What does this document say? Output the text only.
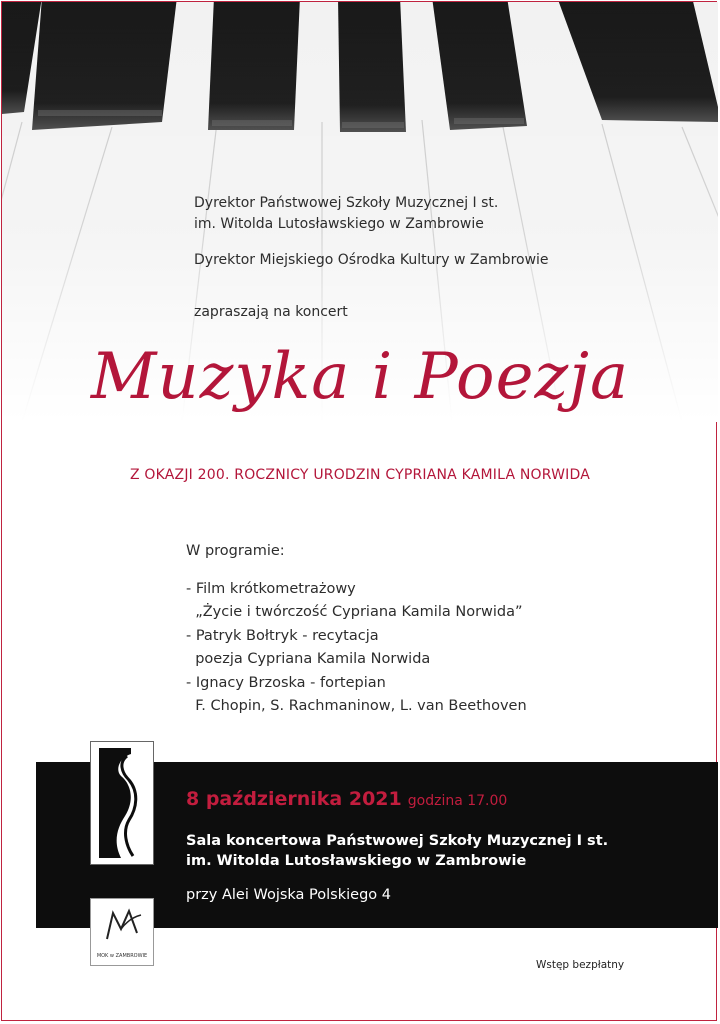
Dyrektor Państwowej Szkoły Muzycznej I st.
im. Witolda Lutosławskiego w Zambrowie
Dyrektor Miejskiego Ośrodka Kultury w Zambrowie
zapraszają na koncert
Muzyka i Poezja
Z OKAZJI 200. ROCZNICY URODZIN CYPRIANA KAMILA NORWIDA
W programie:
- Film krótkometrażowy
„Życie i twórczość Cypriana Kamila Norwida”
- Patryk Bołtryk - recytacja
poezja Cypriana Kamila Norwida
- Ignacy Brzoska - fortepian
F. Chopin, S. Rachmaninow, L. van Beethoven
8 października 2021 godzina 17.00
Sala koncertowa Państwowej Szkoły Muzycznej I st.
im. Witolda Lutosławskiego w Zambrowie
przy Alei Wojska Polskiego 4
MOK w ZAMBROWIE
Wstęp bezpłatny
